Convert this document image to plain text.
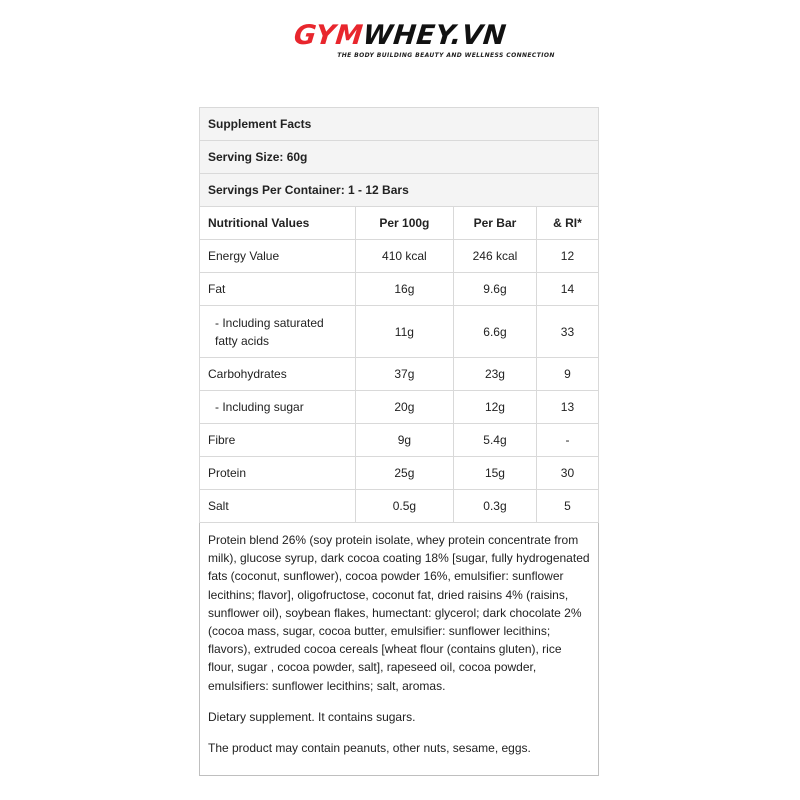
GYMWHEY.VN
THE BODY BUILDING BEAUTY AND WELLNESS CONNECTION
Supplement Facts			
Serving Size: 60g			
Servings Per Container: 1 - 12 Bars			
Nutritional Values	Per 100g	Per Bar	& RI*
Energy Value	410 kcal	246 kcal	12
Fat	16g	9.6g	14

- Including saturated fatty acids	11g	6.6g	33
Carbohydrates	37g	23g	9

- Including sugar	20g	12g	13
Fibre	9g	5.4g	-
Protein	25g	15g	30
Salt	0.5g	0.3g	5

Protein blend 26% (soy protein isolate, whey protein concentrate from milk), glucose syrup, dark cocoa coating 18% [sugar, fully hydrogenated fats (coconut, sunflower), cocoa powder 16%, emulsifier: sunflower lecithins; flavor], oligofructose, coconut fat, dried raisins 4% (raisins, sunflower oil), soybean flakes, humectant: glycerol; dark chocolate 2% (cocoa mass, sugar, cocoa butter, emulsifier: sunflower lecithins; flavors), extruded cocoa cereals [wheat flour (contains gluten), rice flour, sugar , cocoa powder, salt], rapeseed oil, cocoa powder, emulsifiers: sunflower lecithins; salt, aromas.

Dietary supplement. It contains sugars.

The product may contain peanuts, other nuts, sesame, eggs.
